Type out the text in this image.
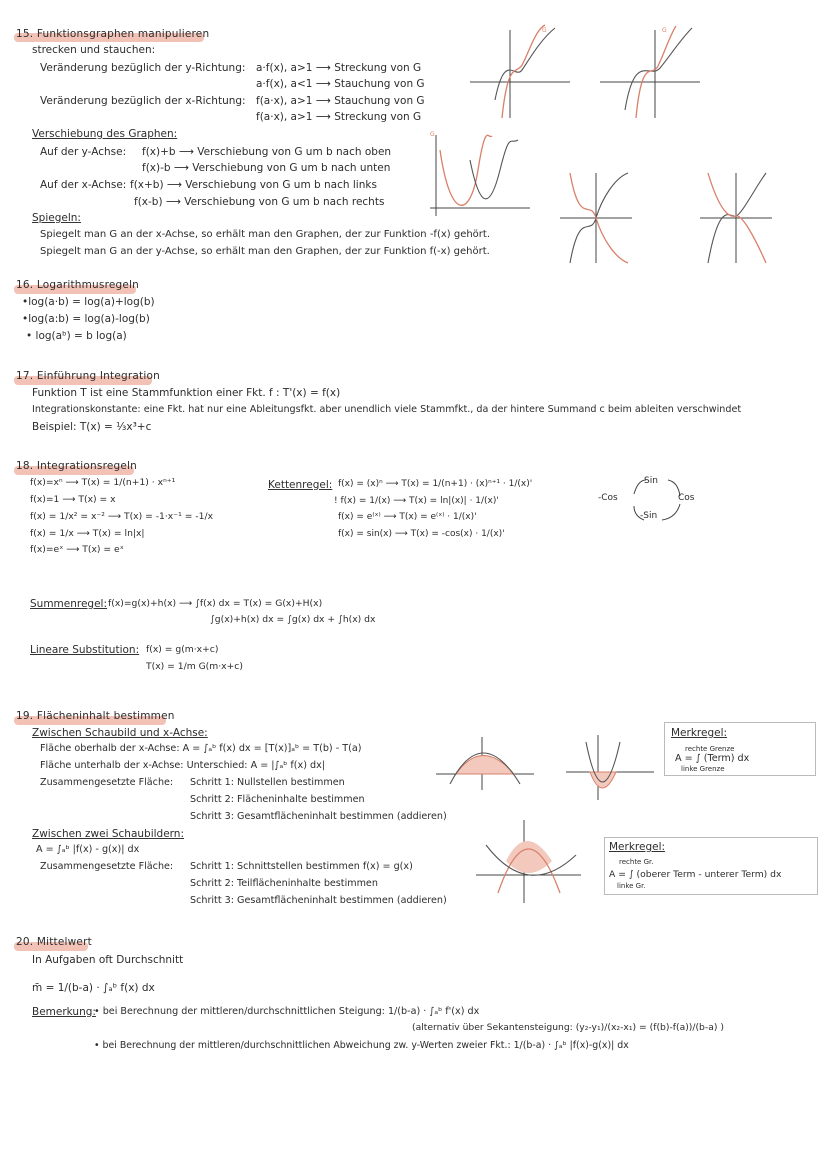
15. Funktionsgraphen manipulieren
strecken und stauchen:
Veränderung bezüglich der y-Richtung: a·f(x), a>1 ⟶ Streckung von G
a·f(x), a<1 ⟶ Stauchung von G
Veränderung bezüglich der x-Richtung: f(a·x), a>1 ⟶ Stauchung von G
f(a·x), a>1 ⟶ Streckung von G
Verschiebung des Graphen:
Auf der y-Achse: f(x)+b ⟶ Verschiebung von G um b nach oben
f(x)-b ⟶ Verschiebung von G um b nach unten
Auf der x-Achse: f(x+b) ⟶ Verschiebung von G um b nach links
f(x-b) ⟶ Verschiebung von G um b nach rechts
Spiegeln:
Spiegelt man G an der x-Achse, so erhält man den Graphen, der zur Funktion -f(x) gehört.
Spiegelt man G an der y-Achse, so erhält man den Graphen, der zur Funktion f(-x) gehört.
G	G
G
16. Logarithmusregeln
•log(a·b) = log(a)+log(b)
•log(a:b) = log(a)-log(b)
• log(aᵇ) = b log(a)
17. Einführung Integration
Funktion T ist eine Stammfunktion einer Fkt. f : T'(x) = f(x)
Integrationskonstante: eine Fkt. hat nur eine Ableitungsfkt. aber unendlich viele Stammfkt., da der hintere Summand c beim ableiten verschwindet
Beispiel: T(x) = ⅓x³+c
18. Integrationsregeln
f(x)=xⁿ ⟶ T(x) = 1/(n+1) · xⁿ⁺¹
f(x)=1 ⟶ T(x) = x
f(x) = 1/x² = x⁻² ⟶ T(x) = -1·x⁻¹ = -1/x
f(x) = 1/x ⟶ T(x) = ln|x|
f(x)=eˣ ⟶ T(x) = eˣ
Kettenregel: f(x) = (x)ⁿ ⟶ T(x) = 1/(n+1) · (x)ⁿ⁺¹ · 1/(x)'
! f(x) = 1/(x) ⟶ T(x) = ln|(x)| · 1/(x)'
f(x) = e⁽ˣ⁾ ⟶ T(x) = e⁽ˣ⁾ · 1/(x)'
f(x) = sin(x) ⟶ T(x) = -cos(x) · 1/(x)'
Sin
Cos
-Sin
-Cos
Summenregel: f(x)=g(x)+h(x) ⟶ ∫f(x) dx = T(x) = G(x)+H(x)
∫g(x)+h(x) dx = ∫g(x) dx + ∫h(x) dx
Lineare Substitution: f(x) = g(m·x+c)
T(x) = 1/m G(m·x+c)
19. Flächeninhalt bestimmen
Zwischen Schaubild und x-Achse:
Fläche oberhalb der x-Achse: A = ∫ₐᵇ f(x) dx = [T(x)]ₐᵇ = T(b) - T(a)
Fläche unterhalb der x-Achse: Unterschied: A = |∫ₐᵇ f(x) dx|
Zusammengesetzte Fläche: Schritt 1: Nullstellen bestimmen
Schritt 2: Flächeninhalte bestimmen
Schritt 3: Gesamtflächeninhalt bestimmen (addieren)
Zwischen zwei Schaubildern:
A = ∫ₐᵇ |f(x) - g(x)| dx
Zusammengesetzte Fläche: Schritt 1: Schnittstellen bestimmen f(x) = g(x)
Schritt 2: Teilflächeninhalte bestimmen
Schritt 3: Gesamtflächeninhalt bestimmen (addieren)
Merkregel:
rechte Grenze
A = ∫ (Term) dx
linke Grenze
Merkregel:
rechte Gr.
A = ∫ (oberer Term - unterer Term) dx
linke Gr.
20. Mittelwert
In Aufgaben oft Durchschnitt
m̄ = 1/(b-a) · ∫ₐᵇ f(x) dx
Bemerkung:
• bei Berechnung der mittleren/durchschnittlichen Steigung: 1/(b-a) · ∫ₐᵇ f'(x) dx
(alternativ über Sekantensteigung: (y₂-y₁)/(x₂-x₁) = (f(b)-f(a))/(b-a) )
• bei Berechnung der mittleren/durchschnittlichen Abweichung zw. y-Werten zweier Fkt.: 1/(b-a) · ∫ₐᵇ |f(x)-g(x)| dx
